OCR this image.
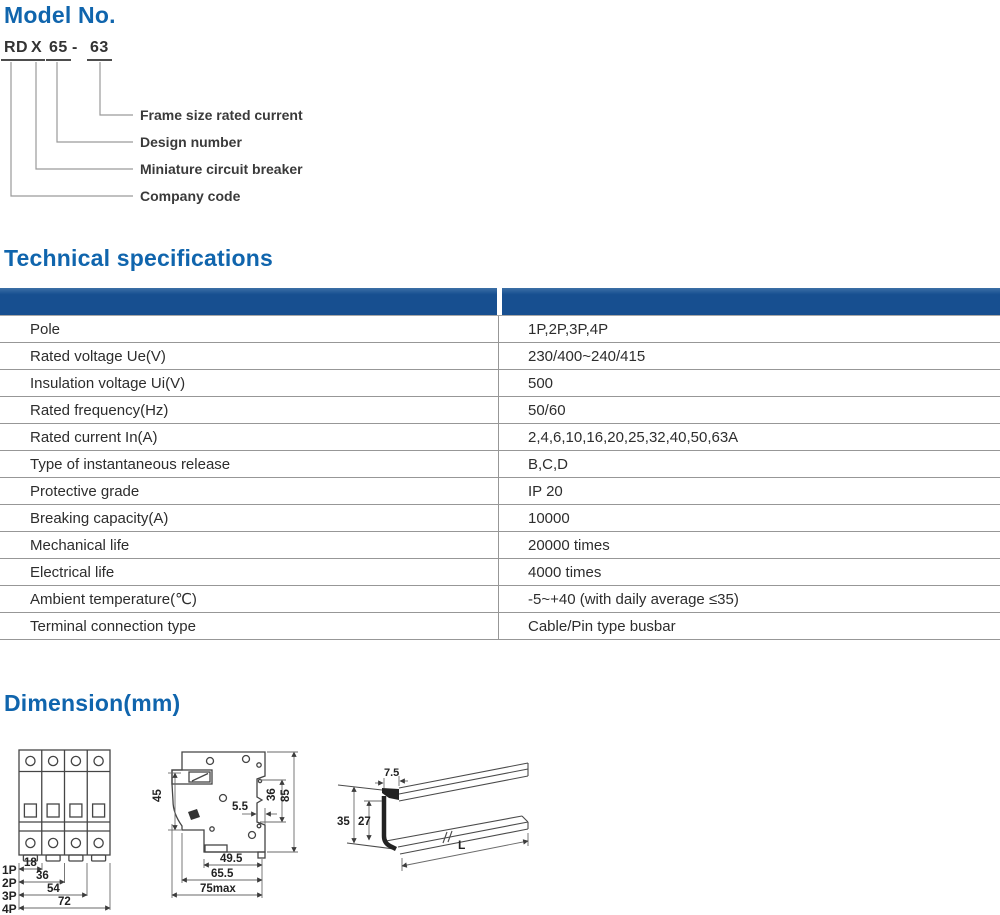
Model No.
RD X 65 - 63
Frame size rated current
Design number
Miniature circuit breaker
Company code
Technical specifications
Pole	1P,2P,3P,4P
Rated voltage Ue(V)	230/400~240/415
Insulation voltage Ui(V)	500
Rated frequency(Hz)	50/60
Rated current In(A)	2,4,6,10,16,20,25,32,40,50,63A
Type of instantaneous release	B,C,D
Protective grade	IP 20
Breaking capacity(A)	10000
Mechanical life	20000 times
Electrical life	4000 times
Ambient temperature(℃)	-5~+40 (with daily average ≤35)
Terminal connection type	Cable/Pin type busbar
Dimension(mm)
18
36
54
72
1P
2P
3P
4P
45
5.5
36 85
49.5
65.5
75max
7.5
35 27
L
